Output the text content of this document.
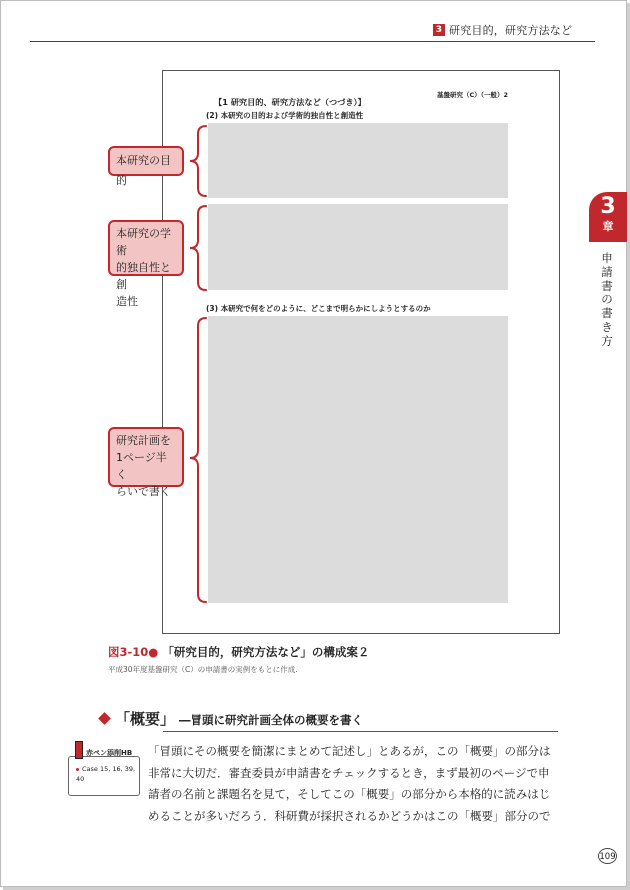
3 研究目的，研究方法など
3
章
申請書の書き方
基盤研究（C）（一般）2
【1 研究目的、研究方法など（つづき）】
(2) 本研究の目的および学術的独自性と創造性
(3) 本研究で何をどのように、どこまで明らかにしようとするのか
本研究の目的
本研究の学術
的独自性と創
造性
研究計画を
1ページ半く
らいで書く
図3-10● 「研究目的，研究方法など」の構成案２
平成30年度基盤研究（C）の申請書の実例をもとに作成.
「概要」 ―冒頭に研究計画全体の概要を書く
赤ペン添削HB
Case 15, 16, 39, 40

「冒頭にその概要を簡潔にまとめて記述し」とあるが，この「概要」の部分は

非常に大切だ．審査委員が申請書をチェックするとき，まず最初のページで申

請者の名前と課題名を見て，そしてこの「概要」の部分から本格的に読みはじ

めることが多いだろう．科研費が採択されるかどうかはこの「概要」部分ので

109
